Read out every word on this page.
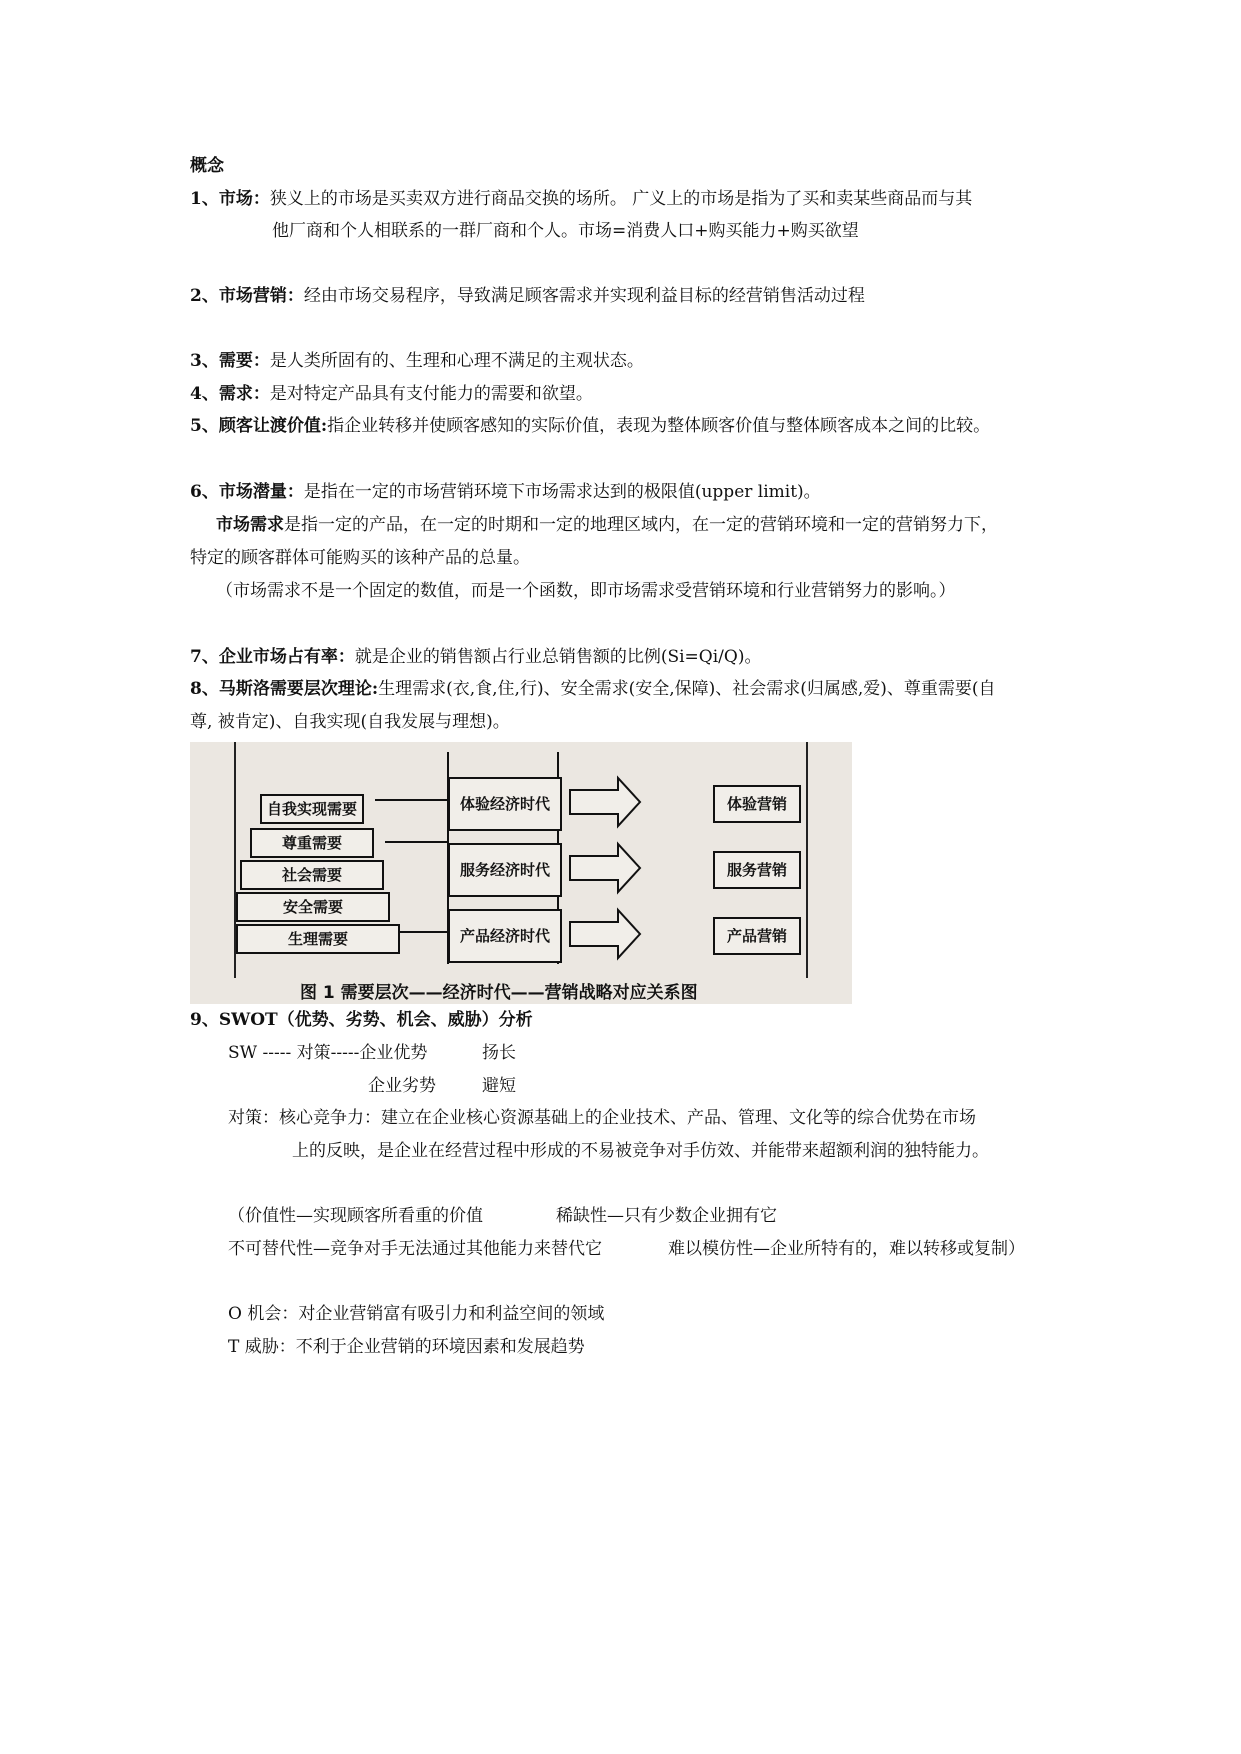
概念
1、市场：狭义上的市场是买卖双方进行商品交换的场所。 广义上的市场是指为了买和卖某些商品而与其
他厂商和个人相联系的一群厂商和个人。市场=消费人口+购买能力+购买欲望
2、市场营销：经由市场交易程序，导致满足顾客需求并实现利益目标的经营销售活动过程
3、需要：是人类所固有的、生理和心理不满足的主观状态。
4、需求：是对特定产品具有支付能力的需要和欲望。
5、顾客让渡价值:指企业转移并使顾客感知的实际价值，表现为整体顾客价值与整体顾客成本之间的比较。
6、市场潜量：是指在一定的市场营销环境下市场需求达到的极限值(upper limit)。
市场需求是指一定的产品，在一定的时期和一定的地理区域内，在一定的营销环境和一定的营销努力下，
特定的顾客群体可能购买的该种产品的总量。
（市场需求不是一个固定的数值，而是一个函数，即市场需求受营销环境和行业营销努力的影响。）
7、企业市场占有率：就是企业的销售额占行业总销售额的比例(Si=Qi/Q)。
8、马斯洛需要层次理论:生理需求(衣,食,住,行)、安全需求(安全,保障)、社会需求(归属感,爱)、尊重需要(自
尊, 被肯定)、自我实现(自我发展与理想)。
自我实现需要
尊重需要
社会需要
安全需要
生理需要
体验经济时代
服务经济时代
产品经济时代
体验营销
服务营销
产品营销
图 1 需要层次——经济时代——营销战略对应关系图
9、SWOT（优势、劣势、机会、威胁）分析
SW ----- 对策-----企业优势	扬长
企业劣势	避短
对策：核心竞争力：建立在企业核心资源基础上的企业技术、产品、管理、文化等的综合优势在市场
上的反映，是企业在经营过程中形成的不易被竞争对手仿效、并能带来超额利润的独特能力。
（价值性—实现顾客所看重的价值	稀缺性—只有少数企业拥有它
不可替代性—竞争对手无法通过其他能力来替代它	难以模仿性—企业所特有的，难以转移或复制）
O 机会：对企业营销富有吸引力和利益空间的领域
T 威胁：不利于企业营销的环境因素和发展趋势
